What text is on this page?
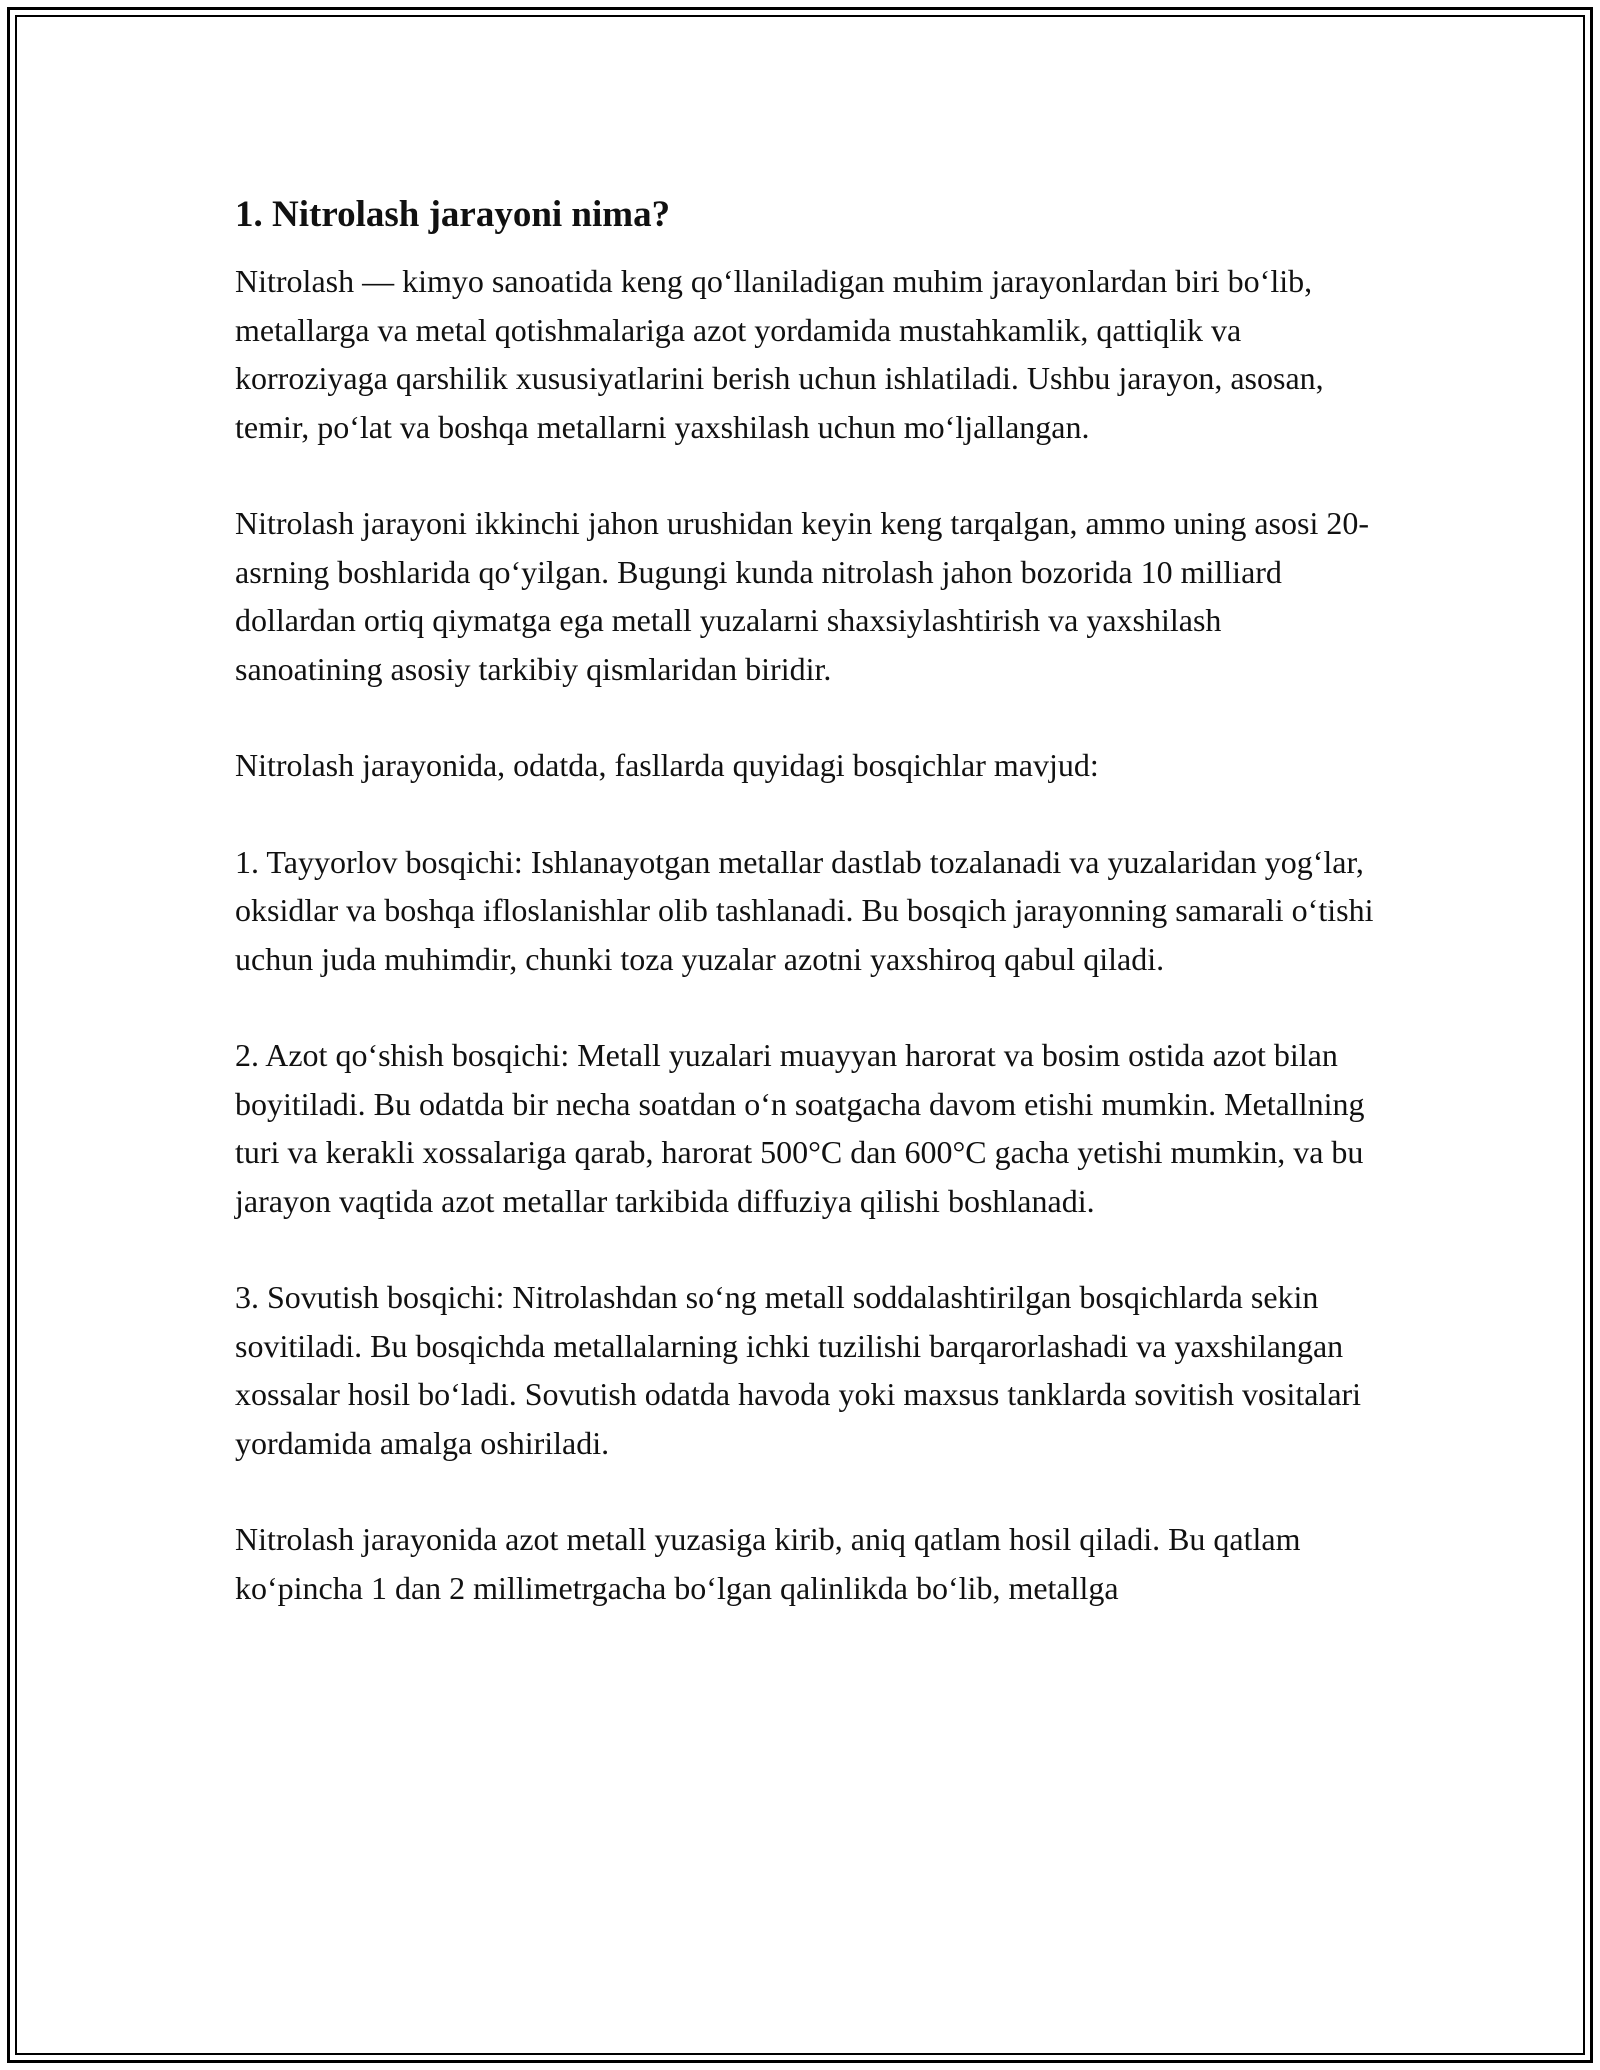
1. Nitrolash jarayoni nima?

Nitrolash — kimyo sanoatida keng qo‘llaniladigan muhim jarayonlardan biri bo‘lib, metallarga va metal qotishmalariga azot yordamida mustahkamlik, qattiqlik va korroziyaga qarshilik xususiyatlarini berish uchun ishlatiladi. Ushbu jarayon, asosan, temir, po‘lat va boshqa metallarni yaxshilash uchun mo‘ljallangan.

Nitrolash jarayoni ikkinchi jahon urushidan keyin keng tarqalgan, ammo uning asosi 20-asrning boshlarida qo‘yilgan. Bugungi kunda nitrolash jahon bozorida 10 milliard dollardan ortiq qiymatga ega metall yuzalarni shaxsiylashtirish va yaxshilash sanoatining asosiy tarkibiy qismlaridan biridir.

Nitrolash jarayonida, odatda, fasllarda quyidagi bosqichlar mavjud:

1. Tayyorlov bosqichi: Ishlanayotgan metallar dastlab tozalanadi va yuzalaridan yog‘lar, oksidlar va boshqa ifloslanishlar olib tashlanadi. Bu bosqich jarayonning samarali o‘tishi uchun juda muhimdir, chunki toza yuzalar azotni yaxshiroq qabul qiladi.

2. Azot qo‘shish bosqichi: Metall yuzalari muayyan harorat va bosim ostida azot bilan boyitiladi. Bu odatda bir necha soatdan o‘n soatgacha davom etishi mumkin. Metallning turi va kerakli xossalariga qarab, harorat 500°C dan 600°C gacha yetishi mumkin, va bu jarayon vaqtida azot metallar tarkibida diffuziya qilishi boshlanadi.

3. Sovutish bosqichi: Nitrolashdan so‘ng metall soddalashtirilgan bosqichlarda sekin sovitiladi. Bu bosqichda metallalarning ichki tuzilishi barqarorlashadi va yaxshilangan xossalar hosil bo‘ladi. Sovutish odatda havoda yoki maxsus tanklarda sovitish vositalari yordamida amalga oshiriladi.

Nitrolash jarayonida azot metall yuzasiga kirib, aniq qatlam hosil qiladi. Bu qatlam ko‘pincha 1 dan 2 millimetrgacha bo‘lgan qalinlikda bo‘lib, metallga
